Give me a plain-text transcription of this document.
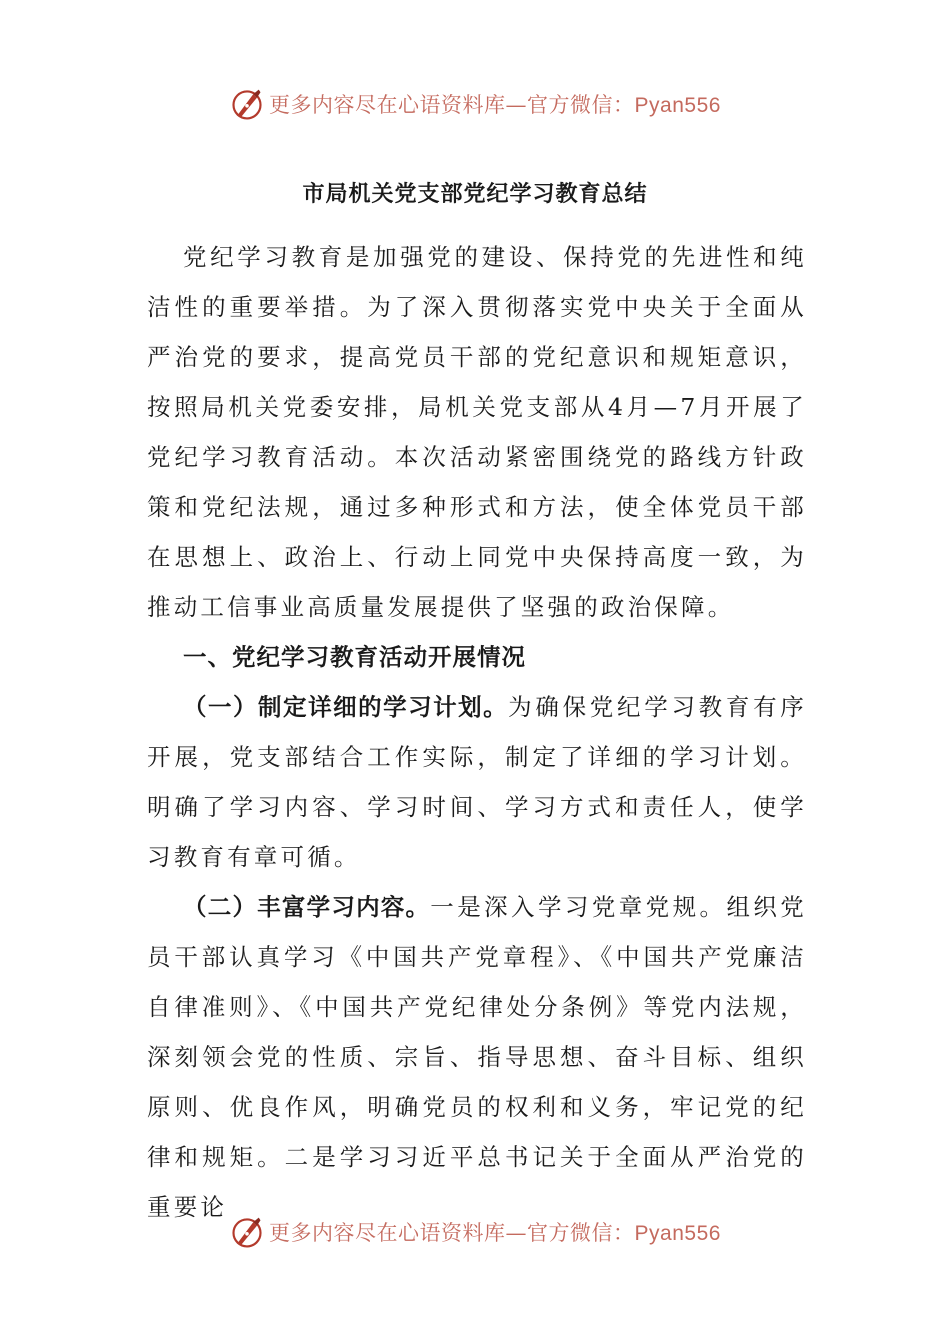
更多内容尽在心语资料库—官方微信：Pyan556
市局机关党支部党纪学习教育总结

党纪学习教育是加强党的建设、保持党的先进性和纯洁性的重要举措。为了深入贯彻落实党中央关于全面从严治党的要求，提高党员干部的党纪意识和规矩意识，按照局机关党委安排，局机关党支部从4月—7月开展了党纪学习教育活动。本次活动紧密围绕党的路线方针政策和党纪法规，通过多种形式和方法，使全体党员干部在思想上、政治上、行动上同党中央保持高度一致，为推动工信事业高质量发展提供了坚强的政治保障。

一、党纪学习教育活动开展情况

（一）制定详细的学习计划。为确保党纪学习教育有序开展，党支部结合工作实际，制定了详细的学习计划。明确了学习内容、学习时间、学习方式和责任人，使学习教育有章可循。

（二）丰富学习内容。一是深入学习党章党规。组织党员干部认真学习《中国共产党章程》、《中国共产党廉洁自律准则》、《中国共产党纪律处分条例》等党内法规，深刻领会党的性质、宗旨、指导思想、奋斗目标、组织原则、优良作风，明确党员的权利和义务，牢记党的纪律和规矩。二是学习习近平总书记关于全面从严治党的重要论

更多内容尽在心语资料库—官方微信：Pyan556
